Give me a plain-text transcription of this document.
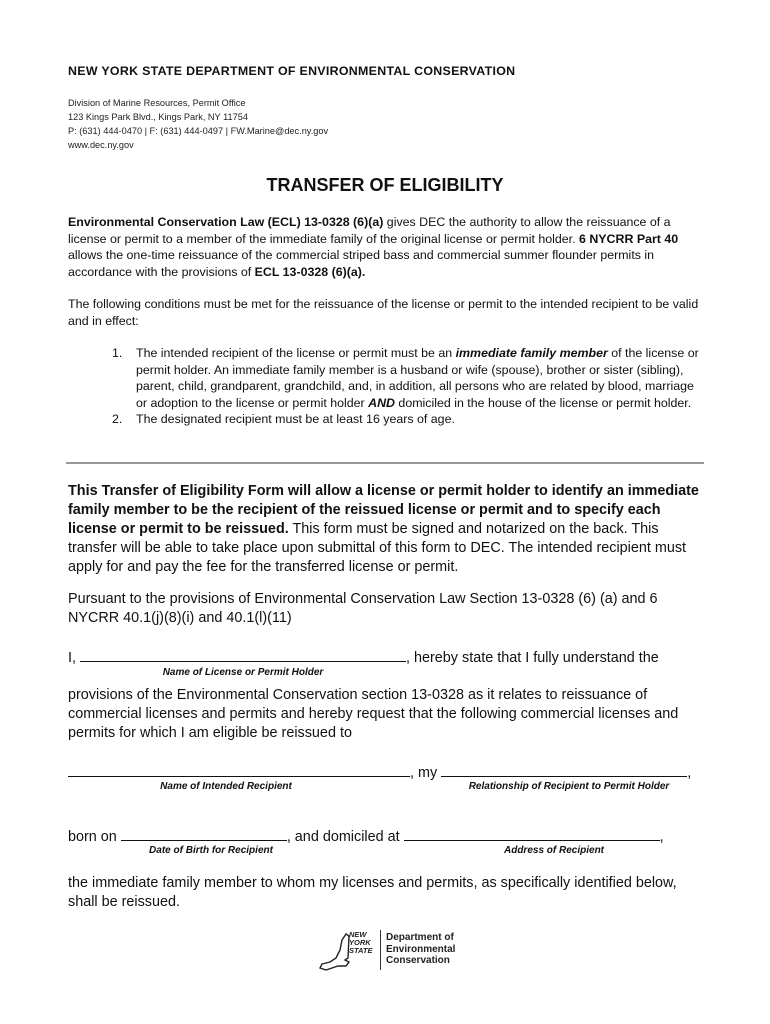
NEW YORK STATE DEPARTMENT OF ENVIRONMENTAL CONSERVATION
Division of Marine Resources, Permit Office
123 Kings Park Blvd., Kings Park, NY 11754
P: (631) 444-0470 | F: (631) 444-0497 | FW.Marine@dec.ny.gov
www.dec.ny.gov
TRANSFER OF ELIGIBILITY
Environmental Conservation Law (ECL) 13-0328 (6)(a) gives DEC the authority to allow the reissuance of a license or permit to a member of the immediate family of the original license or permit holder. 6 NYCRR Part 40 allows the one-time reissuance of the commercial striped bass and commercial summer flounder permits in accordance with the provisions of ECL 13-0328 (6)(a).
The following conditions must be met for the reissuance of the license or permit to the intended recipient to be valid and in effect:
1. The intended recipient of the license or permit must be an immediate family member of the license or permit holder. An immediate family member is a husband or wife (spouse), brother or sister (sibling), parent, child, grandparent, grandchild, and, in addition, all persons who are related by blood, marriage or adoption to the license or permit holder AND domiciled in the house of the license or permit holder.
2. The designated recipient must be at least 16 years of age.
This Transfer of Eligibility Form will allow a license or permit holder to identify an immediate family member to be the recipient of the reissued license or permit and to specify each license or permit to be reissued. This form must be signed and notarized on the back. This transfer will be able to take place upon submittal of this form to DEC. The intended recipient must apply for and pay the fee for the transferred license or permit.
Pursuant to the provisions of Environmental Conservation Law Section 13-0328 (6) (a) and 6 NYCRR 40.1(j)(8)(i) and 40.1(l)(11)
I,	, hereby state that I fully understand the
Name of License or Permit Holder
provisions of the Environmental Conservation section 13-0328 as it relates to reissuance of commercial licenses and permits and hereby request that the following commercial licenses and permits for which I am eligible be reissued to
, my	,
Name of Intended Recipient	Relationship of Recipient to Permit Holder
born on	, and domiciled at	,
Date of Birth for Recipient	Address of Recipient
the immediate family member to whom my licenses and permits, as specifically identified below, shall be reissued.
NEW
YORK
STATE
Department of
Environmental
Conservation
